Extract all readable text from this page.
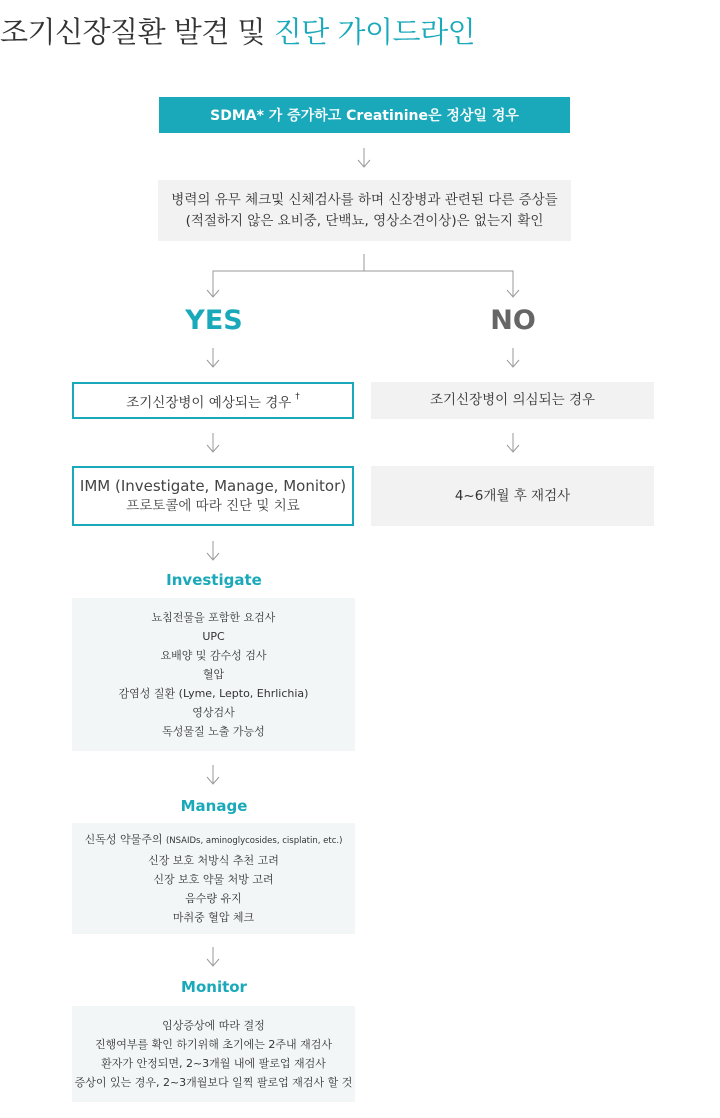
조기신장질환 발견 및 진단 가이드라인
SDMA* 가 증가하고 Creatinine은 정상일 경우
병력의 유무 체크및 신체검사를 하며 신장병과 관련된 다른 증상들
(적절하지 않은 요비중, 단백뇨, 영상소견이상)은 없는지 확인
YES	NO
조기신장병이 예상되는 경우 †	조기신장병이 의심되는 경우
IMM (Investigate, Manage, Monitor)
프로토콜에 따라 진단 및 치료
4~6개월 후 재검사
Investigate
뇨침전물을 포함한 요검사
UPC
요배양 및 감수성 검사
혈압
감염성 질환 (Lyme, Lepto, Ehrlichia)
영상검사
독성물질 노출 가능성
Manage
신독성 약물주의 (NSAIDs, aminoglycosides, cisplatin, etc.)
신장 보호 처방식 추천 고려
신장 보호 약물 처방 고려
음수량 유지
마취중 혈압 체크
Monitor
임상증상에 따라 결정
진행여부를 확인 하기위해 초기에는 2주내 재검사
환자가 안정되면, 2~3개월 내에 팔로업 재검사
증상이 있는 경우, 2~3개월보다 일찍 팔로업 재검사 할 것
